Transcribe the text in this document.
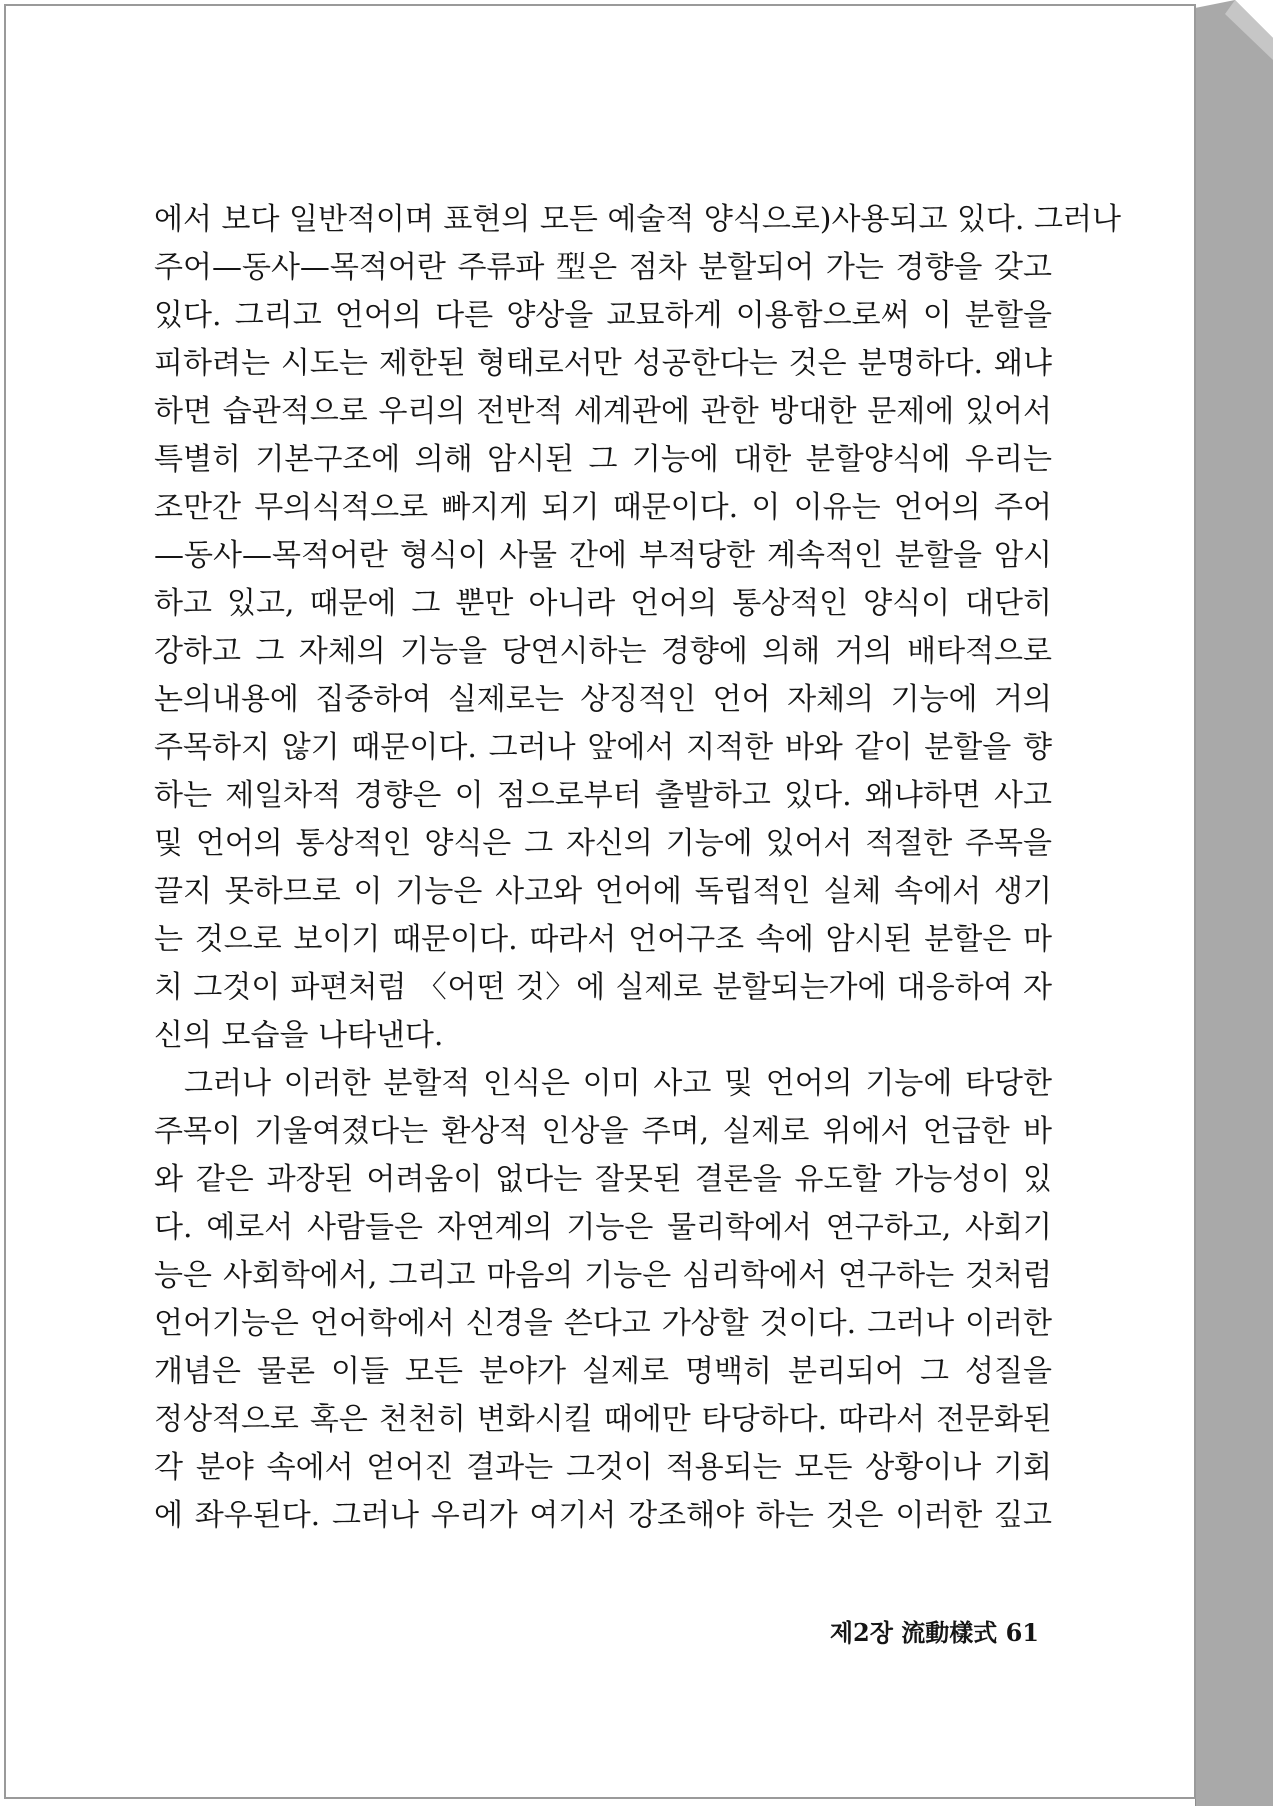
에서 보다 일반적이며 표현의 모든 예술적 양식으로)사용되고 있다. 그러나
주어—동사—목적어란 주류파 型은 점차 분할되어 가는 경향을 갖고
있다. 그리고 언어의 다른 양상을 교묘하게 이용함으로써 이 분할을
피하려는 시도는 제한된 형태로서만 성공한다는 것은 분명하다. 왜냐
하면 습관적으로 우리의 전반적 세계관에 관한 방대한 문제에 있어서
특별히 기본구조에 의해 암시된 그 기능에 대한 분할양식에 우리는
조만간 무의식적으로 빠지게 되기 때문이다. 이 이유는 언어의 주어
—동사—목적어란 형식이 사물 간에 부적당한 계속적인 분할을 암시
하고 있고, 때문에 그 뿐만 아니라 언어의 통상적인 양식이 대단히
강하고 그 자체의 기능을 당연시하는 경향에 의해 거의 배타적으로
논의내용에 집중하여 실제로는 상징적인 언어 자체의 기능에 거의
주목하지 않기 때문이다. 그러나 앞에서 지적한 바와 같이 분할을 향
하는 제일차적 경향은 이 점으로부터 출발하고 있다. 왜냐하면 사고
및 언어의 통상적인 양식은 그 자신의 기능에 있어서 적절한 주목을
끌지 못하므로 이 기능은 사고와 언어에 독립적인 실체 속에서 생기
는 것으로 보이기 때문이다. 따라서 언어구조 속에 암시된 분할은 마
치 그것이 파편처럼 〈어떤 것〉에 실제로 분할되는가에 대응하여 자
신의 모습을 나타낸다.
그러나 이러한 분할적 인식은 이미 사고 및 언어의 기능에 타당한
주목이 기울여졌다는 환상적 인상을 주며, 실제로 위에서 언급한 바
와 같은 과장된 어려움이 없다는 잘못된 결론을 유도할 가능성이 있
다. 예로서 사람들은 자연계의 기능은 물리학에서 연구하고, 사회기
능은 사회학에서, 그리고 마음의 기능은 심리학에서 연구하는 것처럼
언어기능은 언어학에서 신경을 쓴다고 가상할 것이다. 그러나 이러한
개념은 물론 이들 모든 분야가 실제로 명백히 분리되어 그 성질을
정상적으로 혹은 천천히 변화시킬 때에만 타당하다. 따라서 전문화된
각 분야 속에서 얻어진 결과는 그것이 적용되는 모든 상황이나 기회
에 좌우된다. 그러나 우리가 여기서 강조해야 하는 것은 이러한 깊고
제2장 流動樣式 61
